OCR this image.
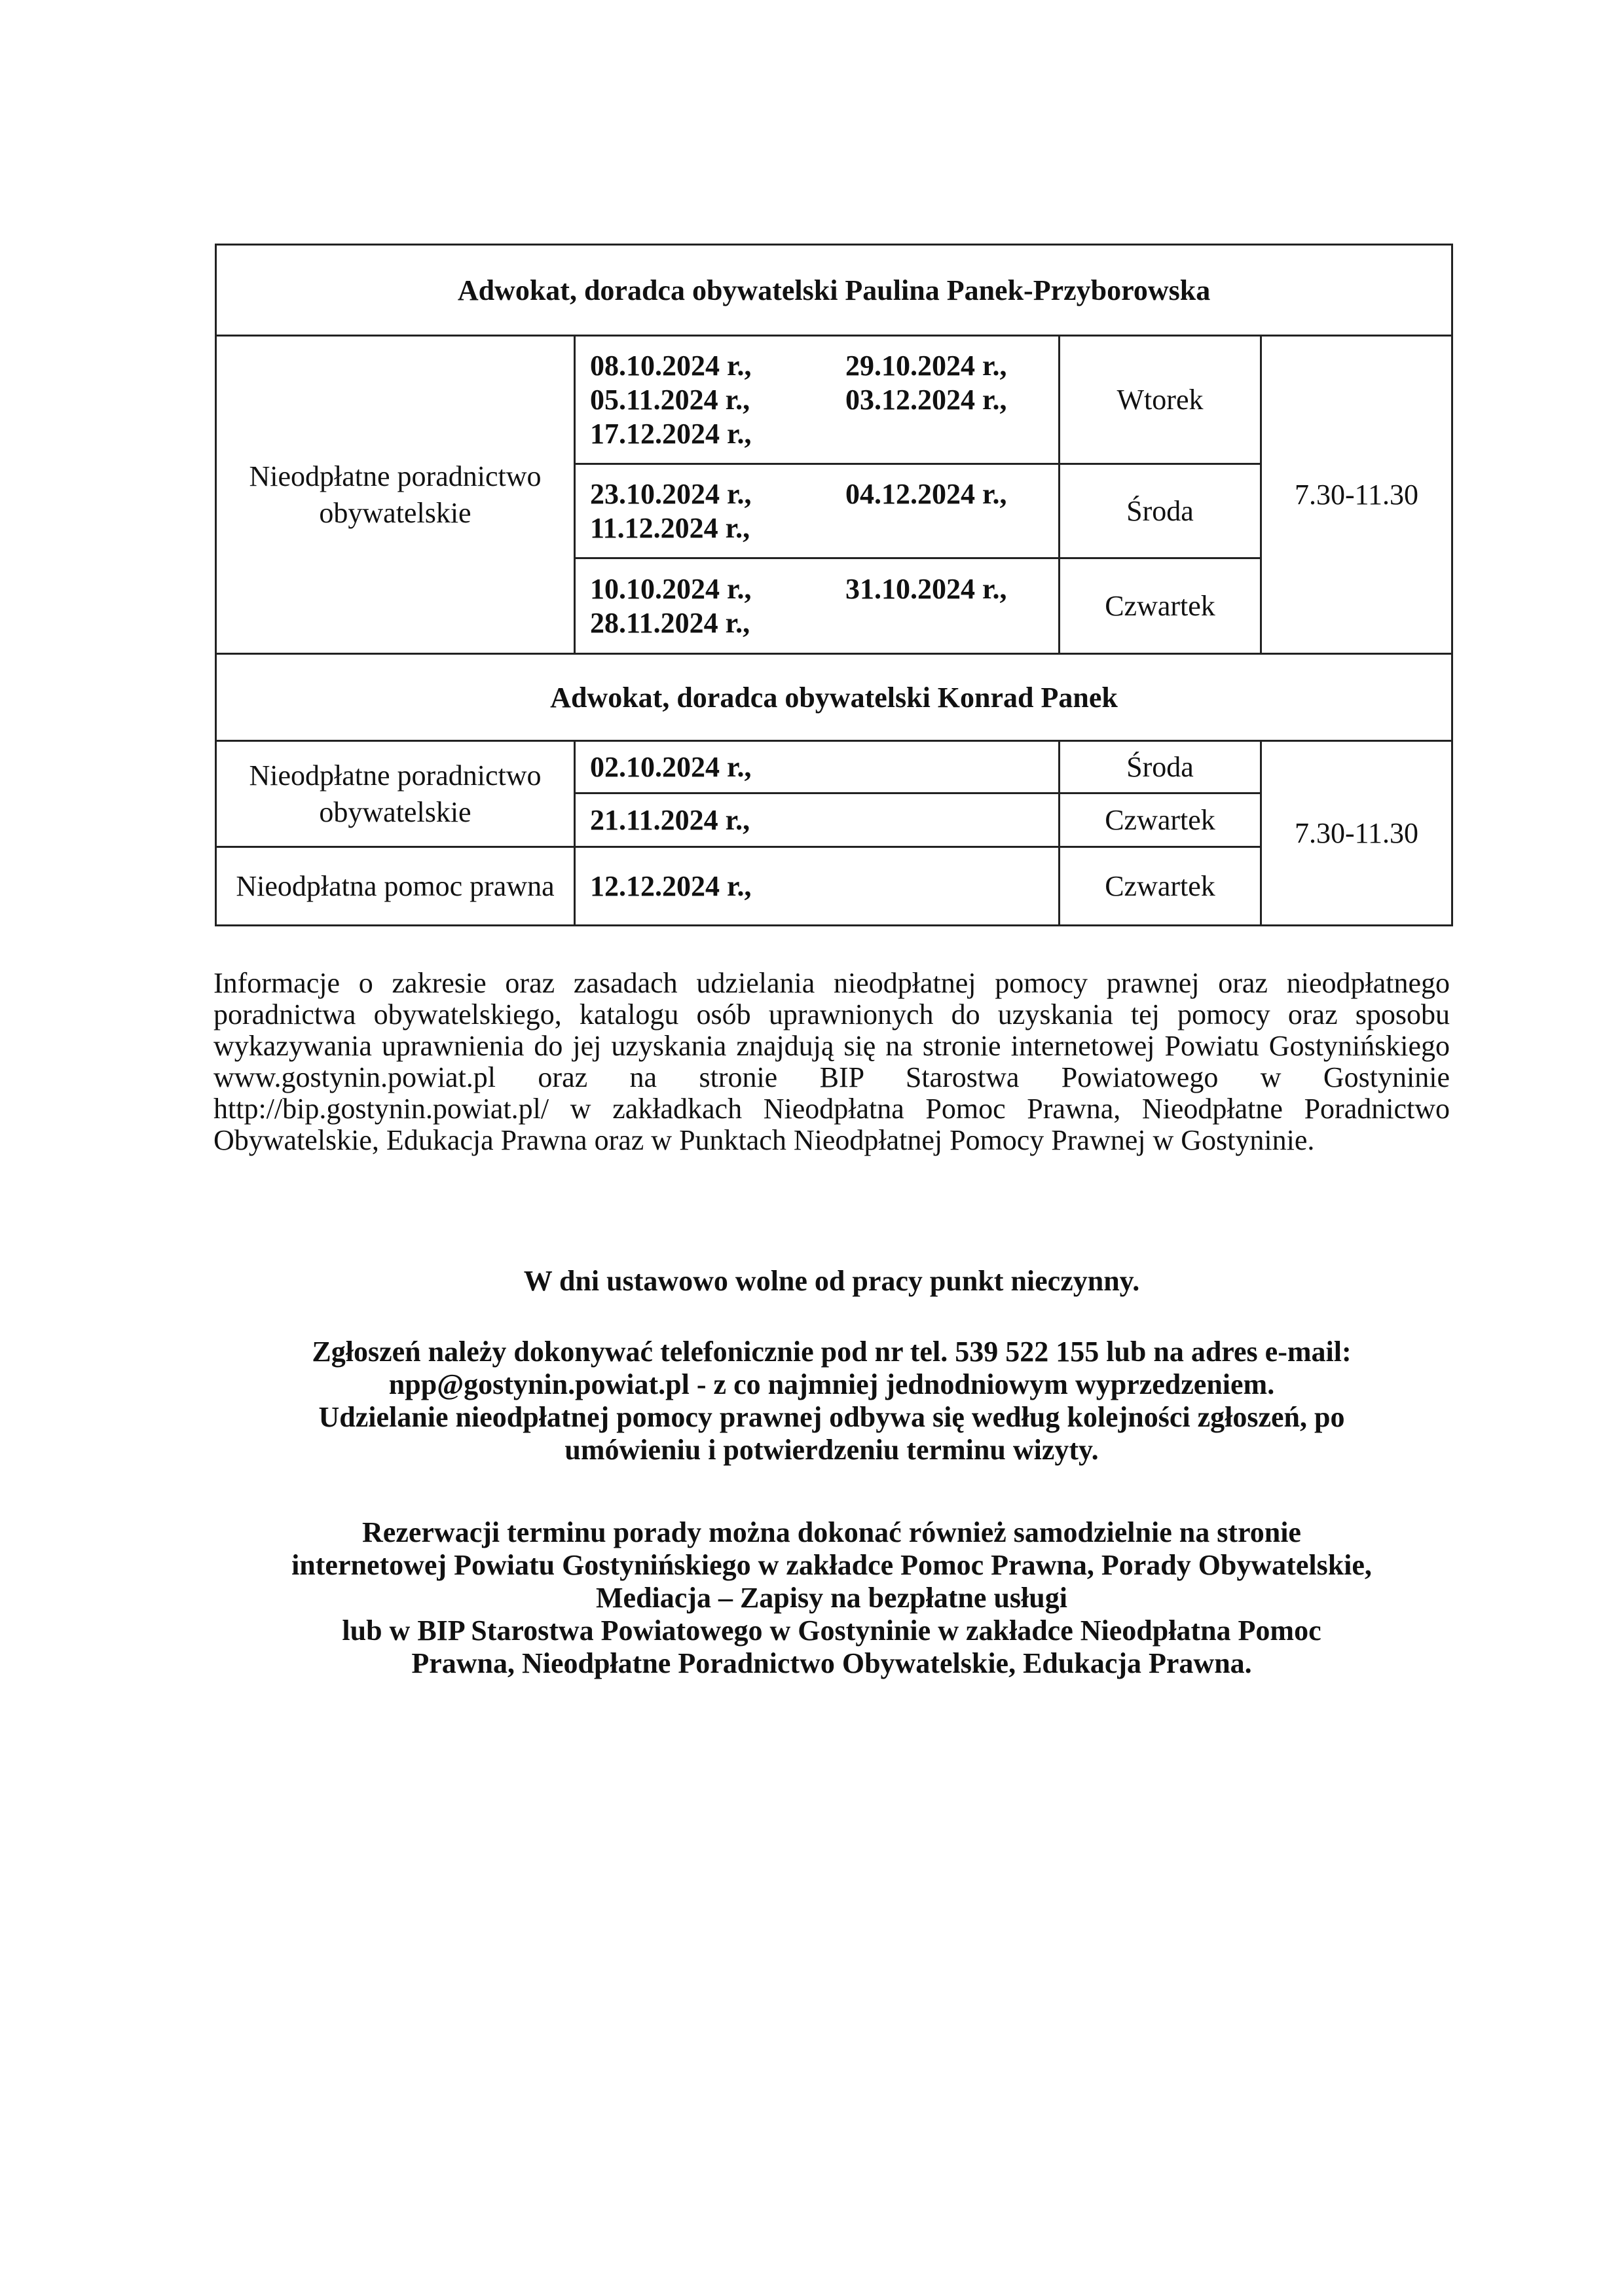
Adwokat, doradca obywatelski Paulina Panek-Przyborowska			
Nieodpłatne poradnictwo obywatelskie	08.10.2024 r., 29.10.2024 r.,
05.11.2024 r., 03.12.2024 r.,
17.12.2024 r.,	Wtorek	7.30-11.30

	23.10.2024 r., 04.12.2024 r.,
11.12.2024 r.,	Środa	

	10.10.2024 r., 31.10.2024 r.,
28.11.2024 r.,	Czwartek	
Adwokat, doradca obywatelski Konrad Panek			
Nieodpłatne poradnictwo obywatelskie	02.10.2024 r.,	Środa	7.30-11.30
	21.11.2024 r.,	Czwartek	
Nieodpłatna pomoc prawna	12.12.2024 r.,	Czwartek	
Informacje o zakresie oraz zasadach udzielania nieodpłatnej pomocy prawnej oraz nieodpłatnego poradnictwa obywatelskiego, katalogu osób uprawnionych do uzyskania tej pomocy oraz sposobu wykazywania uprawnienia do jej uzyskania znajdują się na stronie internetowej Powiatu Gostynińskiego www.gostynin.powiat.pl oraz na stronie BIP Starostwa Powiatowego w Gostyninie http://bip.gostynin.powiat.pl/ w zakładkach Nieodpłatna Pomoc Prawna, Nieodpłatne Poradnictwo Obywatelskie, Edukacja Prawna oraz w Punktach Nieodpłatnej Pomocy Prawnej w Gostyninie.

W dni ustawowo wolne od pracy punkt nieczynny.

Zgłoszeń należy dokonywać telefonicznie pod nr tel. 539 522 155 lub na adres e-mail:

npp@gostynin.powiat.pl - z co najmniej jednodniowym wyprzedzeniem.

Udzielanie nieodpłatnej pomocy prawnej odbywa się według kolejności zgłoszeń, po

umówieniu i potwierdzeniu terminu wizyty.

Rezerwacji terminu porady można dokonać również samodzielnie na stronie

internetowej Powiatu Gostynińskiego w zakładce Pomoc Prawna, Porady Obywatelskie,

Mediacja – Zapisy na bezpłatne usługi

lub w BIP Starostwa Powiatowego w Gostyninie w zakładce Nieodpłatna Pomoc

Prawna, Nieodpłatne Poradnictwo Obywatelskie, Edukacja Prawna.
